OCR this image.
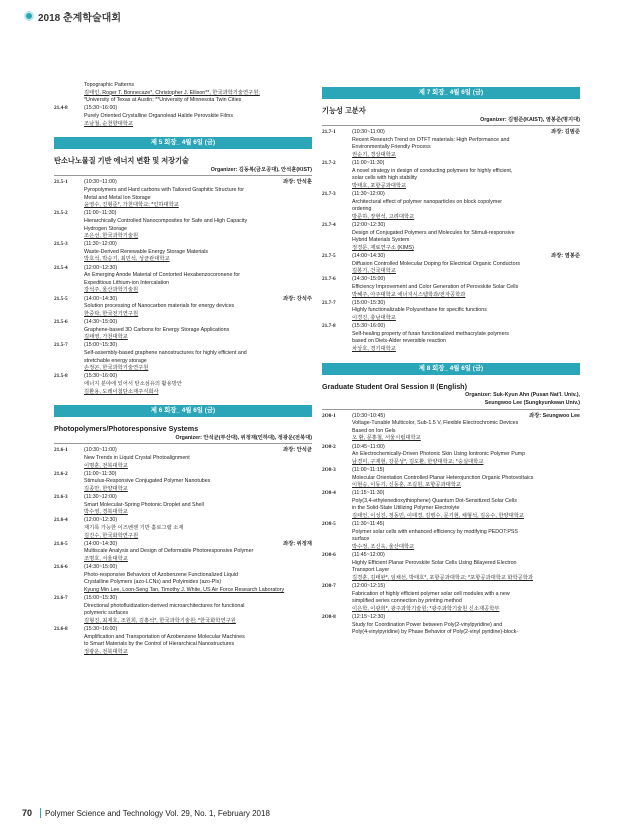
2018 춘계학술대회
Topographic Patterns
김태인, Roger T. Bonnecaze*, Christopher J. Ellison**, 한국과학기술연구원;
*University of Texas at Austin; **University of Minnesota Twin Cities
21.4-8	(15:30~16:00)
Purely Oriented Crystalline Organolead Halide Perovskite Films
조남철, 순천향대학교
제 5 회장_ 4월 6일 (금)
탄소나노물질 기반 에너지 변환 및 저장기술
Organizer: 김동복(금오공대), 안석훈(KIST)
21.5-1	(10:30~11:00)	좌장: 안석훈
Pyropolymers and Hard carbons with Tailored Graphitic Structure for
Metal and Metal Ion Storage
윤영수, 진형준*, 가천대학교; *인하대학교
21.5-2	(11:00~11:30)
Hierarchically Controlled Nanocomposites for Safe and High Capacity
Hydrogen Storage
조은선, 한국과학기술원
21.5-3	(11:30~12:00)
Waste-Derived Renewable Energy Storage Materials
박호석, 박승기, 최민석, 성균관대학교
21.5-4	(12:00~12:30)
An Emerging Anode Material of Contorted Hexabenzocoronene for
Expeditious Lithium-ion Intercalation
강석주, 울산과학기술원
21.5-5	(14:00~14:30)	좌장: 강석주
Solution processing of Nanocarbon materials for energy devices
한중탁, 한국전기연구원
21.5-6	(14:30~15:00)
Graphene-based 3D Carbons for Energy Storage Applications
김태영, 가천대학교
21.5-7	(15:00~15:30)
Self-assembly-based graphene nanostructures for highly efficient and
stretchable energy storage
손정곤, 한국과학기술연구원
21.5-8	(15:30~16:00)
에너지 분야에 있어서 탄소섬유의 활용방안
김환용, 도레이첨단소재주식회사
제 6 회장_ 4월 6일 (금)
Photopolymers/Photoresponsive Systems
Organizer: 안석균(부산대), 위정재(인하대), 정광운(전북대)
21.6-1	(10:30~11:00)	좌장: 안석균
New Trends in Liquid Crystal Photoalignment
이명훈, 전북대학교
21.6-2	(11:00~11:30)
Stimulus-Responsive Conjugated Polymer Nanotubes
김종만, 한양대학교
21.6-3	(11:30~12:00)
Smart Molecular-Spring Photonic Droplet and Shell
박수영, 경북대학교
21.6-4	(12:00~12:30)
재기록 가능한 이즈벤젠 기반 홀로그램 소재
김진수, 한국화학연구원
21.6-5	(14:00~14:30)	좌장: 위정재
Multiscale Analysis and Design of Deformable Photoresponsive Polymer
조명호, 서울대학교
21.6-6	(14:30~15:00)
Photo-responsive Behaviors of Azobenzene Functionalized Liquid
Crystalline Polymers (azo-LCNs) and Polyimides (azo-PIs)
Kyung Min Lee, Loon-Seng Tan, Timothy J. White, US Air Force Research Laboratory
21.6-7	(15:00~15:30)
Directional photofluidization-derived microarchitectures for functional
polymeric surfaces
김형진, 최재호, 조원희, 김홍석*, 한국과학기술원; *한국화학연구원
21.6-8	(15:30~16:00)
Amplification and Transportation of Azobenzene Molecular Machines
to Smart Materials by the Control of Hierarchical Nanostructures
정광운, 전북대학교
제 7 회장_ 4월 6일 (금)
기능성 고분자
Organizer: 김범준(KAIST), 염봉준(명지대)
21.7-1	(10:30~11:00)	좌장: 김범준
Recent Research Trend on OTFT materials: High Performance and
Environmentally Friendly Process
권순기, 경상대학교
21.7-2	(11:00~11:30)
A novel strategy in design of conducting polymers for highly efficient,
solar cells with high stability
박태호, 포항공과대학교
21.7-3	(11:30~12:00)
Architectural effect of polymer nanoparticles on block copolymer
ordering
방준하, 장현석, 고려대학교
21.7-4	(12:00~12:30)
Design of Conjugated Polymers and Molecules for Stimuli-responsive
Hybrid Materials System
정경문, 재료연구소 (KIMS)
21.7-5	(14:00~14:30)	좌장: 염봉준
Diffusion Controlled Molecular Doping for Electrical Organic Conductors
김봉기, 건국대학교
21.7-6	(14:30~15:00)
Efficiency Improvement and Color Generation of Perovskite Solar Cells
박혜주, 아주대학교 에너지시스템학과/전자공학과
21.7-7	(15:00~15:30)
Highly functionalizable Polyurethane for specific functions
이경진, 충남대학교
21.7-8	(15:30~16:00)
Self-healing property of furan functionalized methacrylate polymers
based on Diels-Alder reversible reaction
차상호, 경기대학교
제 8 회장_ 4월 6일 (금)
Graduate Student Oral Session II (English)
Organizer: Suk-Kyun Ahn (Pusan Nat'l. Univ.),
Seungwoo Lee (Sungkyunkwan Univ.)
2O8-1	(10:30~10:45)	좌장: Seungwoo Lee
Voltage-Tunable Multicolor, Sub-1.5 V, Flexible Electrochromic Devices
Based on Ion Gels
오 환, 문홍철, 서울시립대학교
2O8-2	(10:45~11:00)
An Electrochemically-Driven Photonic Skin Using Iontronic Polymer Pump
남경미, 구재현, 강문성*, 김도환, 한양대학교; *숭실대학교
2O8-3	(11:00~11:15)
Molecular Orientation Controlled Planar Heterojunction Organic Photovoltaics
이현승, 이동기, 신동훈, 조길원, 포항공과대학교
2O8-4	(11:15~11:30)
Poly(3,4-ethylenedioxythiophene) Quantum Dot-Sensitized Solar Cells
in the Solid-State Utilizing Polymer Electrolyte
김태언, 이성진, 정동민, 이태경, 김병수, 문기현, 채형석, 김응수, 한양대학교
2O8-5	(11:30~11:45)
Polymer solar cells with enhanced efficiency by modifying PEDOT:PSS
surface
박수정, 조신욱, 울산대학교
2O8-6	(11:45~12:00)
Highly Efficient Planar Perovskite Solar Cells Using Bilayered Electron
Transport Layer
김경훈, 김태완*, 임채선, 박태호*, 포항공과대학교; *포항공과대학교 화학공학과
2O8-7	(12:00~12:15)
Fabrication of highly efficient polymer solar cell modules with a new
simplified series connection by printing method
이은학, 이광희*, 광주과학기술원; *광주과학기술원 신소재공학부
2O8-8	(12:15~12:30)
Study for Coordination Power between Poly(2-vinylpyridine) and
Poly(4-vinylpyridine) by Phase Behavior of Poly(2-vinyl pyridine)-block-
70 Polymer Science and Technology Vol. 29, No. 1, February 2018
